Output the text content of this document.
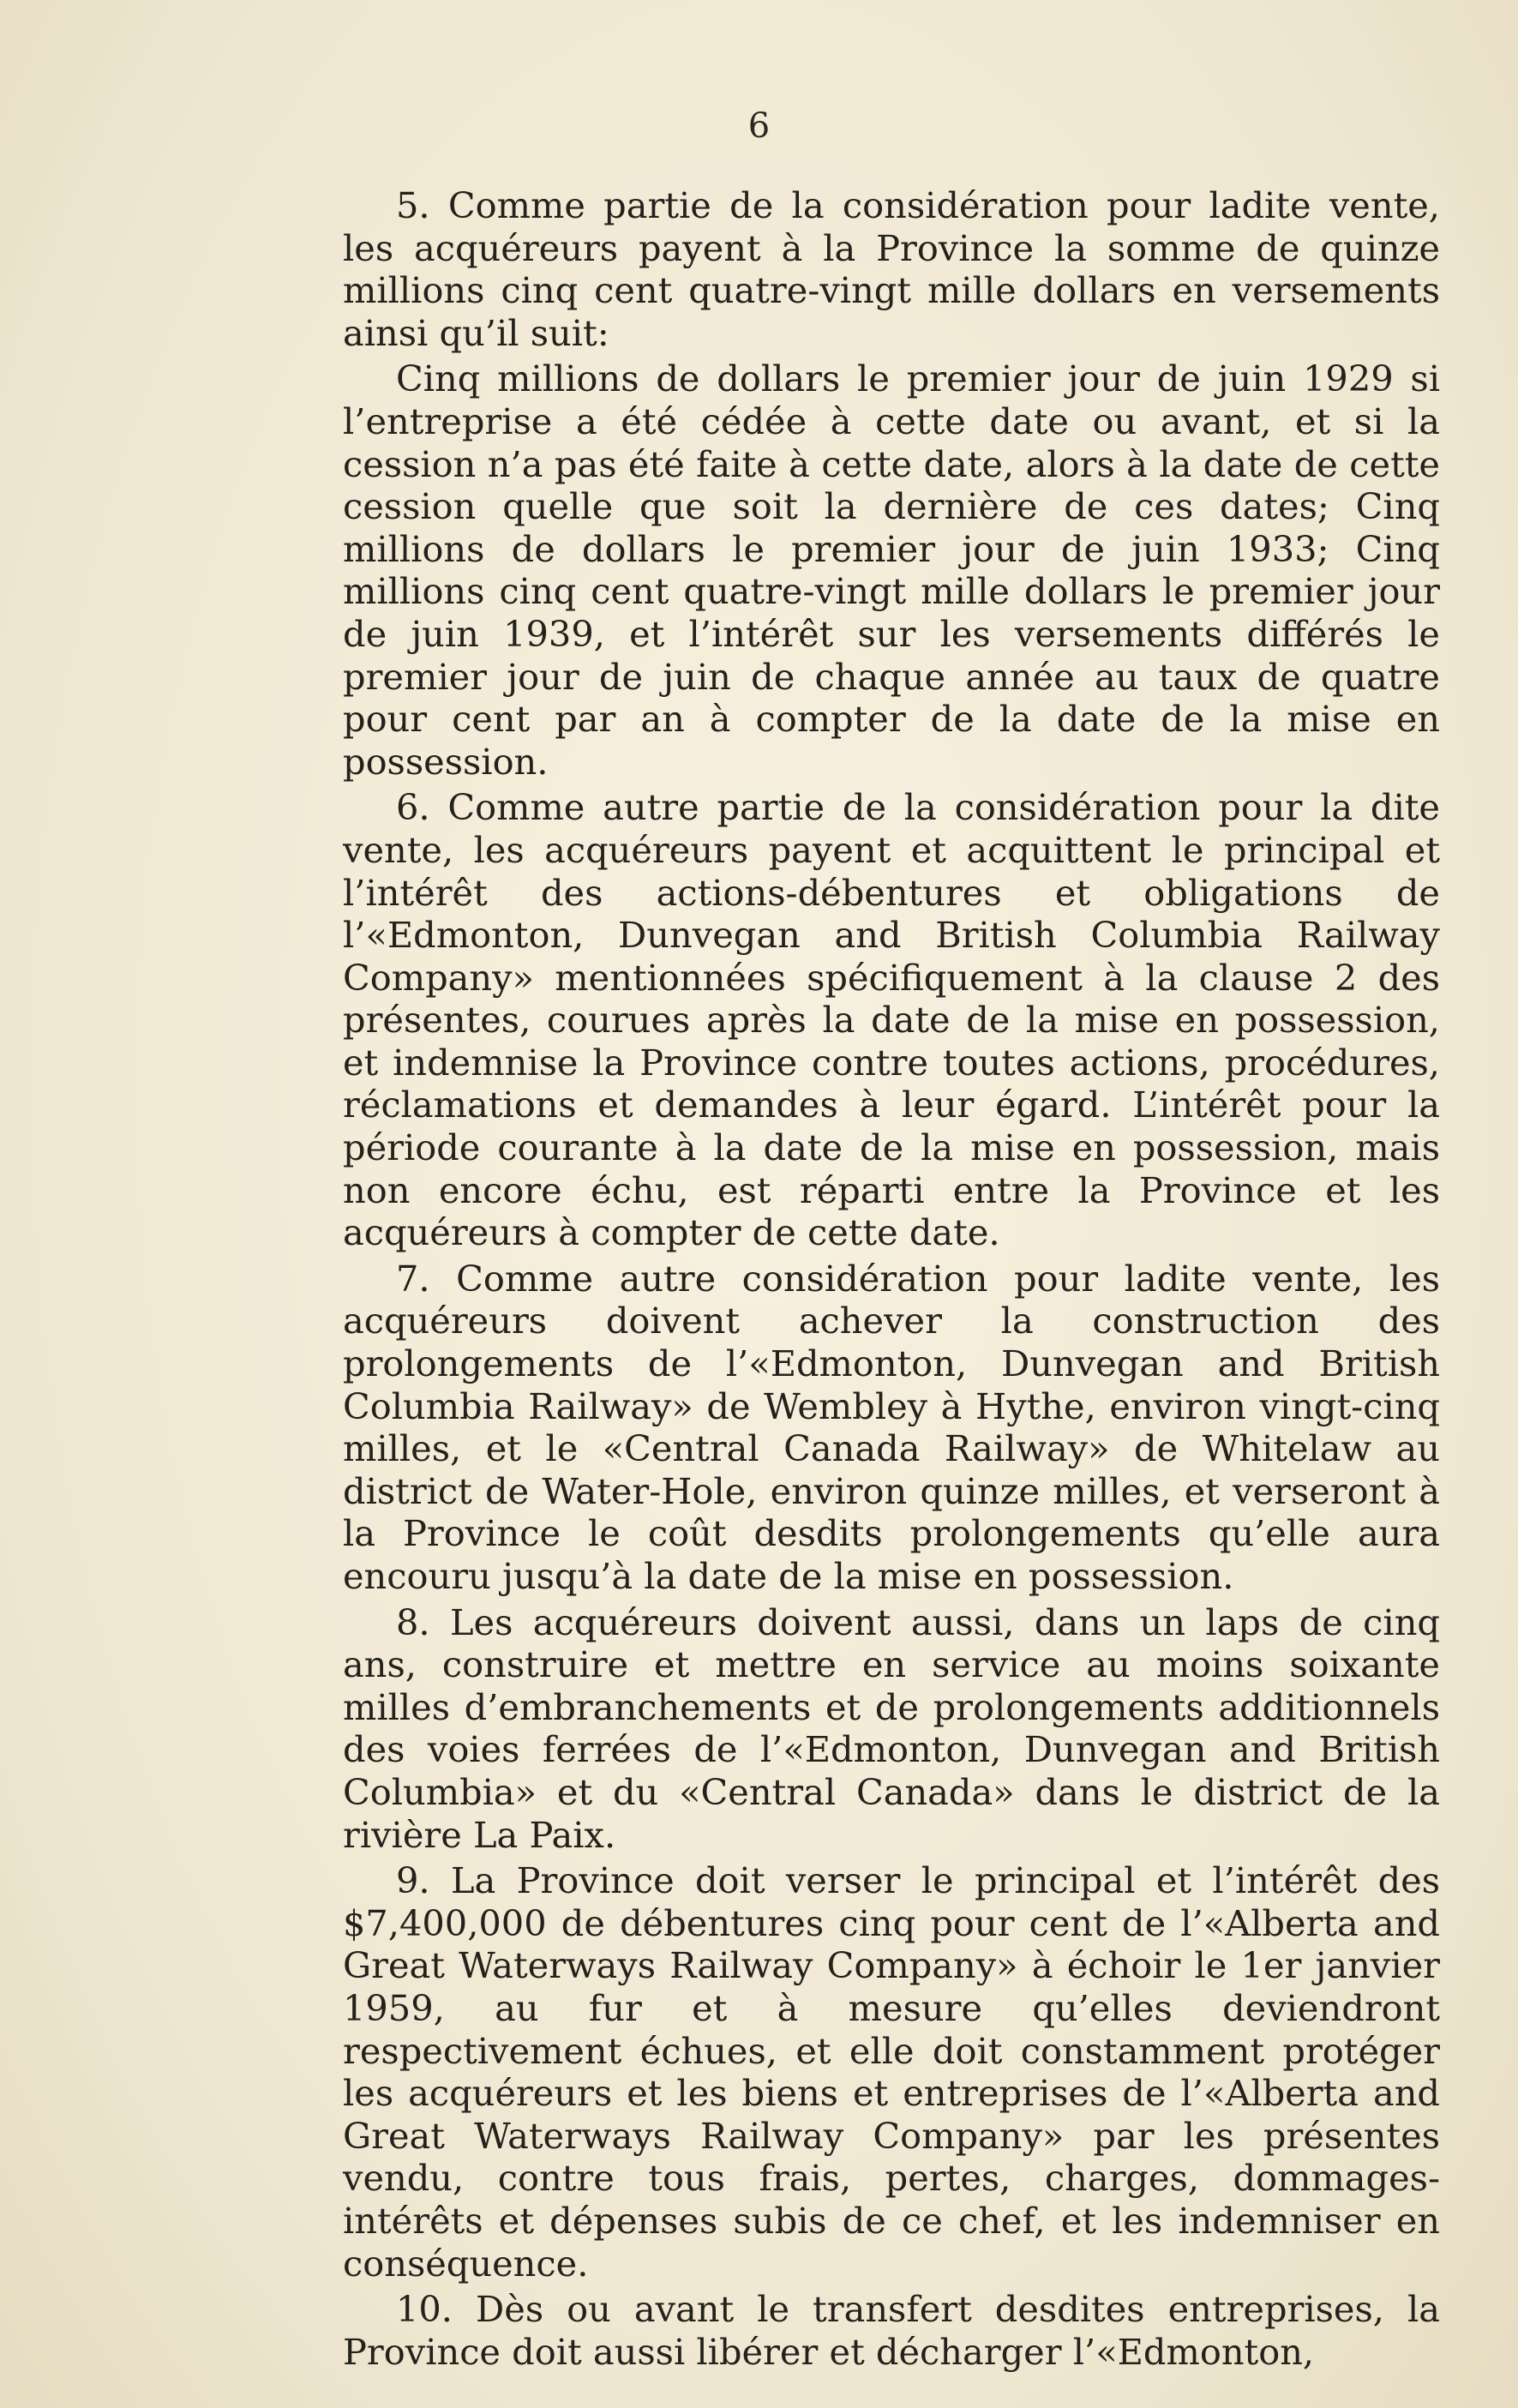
6

5. Comme partie de la considération pour ladite vente, les acquéreurs payent à la Province la somme de quinze millions cinq cent quatre-vingt mille dollars en versements ainsi qu’il suit:

Cinq millions de dollars le premier jour de juin 1929 si l’entreprise a été cédée à cette date ou avant, et si la cession n’a pas été faite à cette date, alors à la date de cette cession quelle que soit la dernière de ces dates; Cinq millions de dollars le premier jour de juin 1933; Cinq millions cinq cent quatre-vingt mille dollars le premier jour de juin 1939, et l’intérêt sur les versements différés le premier jour de juin de chaque année au taux de quatre pour cent par an à compter de la date de la mise en possession.

6. Comme autre partie de la considération pour la dite vente, les acquéreurs payent et acquittent le principal et l’intérêt des actions-débentures et obligations de l’«Edmonton, Dunvegan and British Columbia Railway Company» mentionnées spécifiquement à la clause 2 des présentes, courues après la date de la mise en possession, et indemnise la Province contre toutes actions, procédures, réclamations et demandes à leur égard. L’intérêt pour la période courante à la date de la mise en possession, mais non encore échu, est réparti entre la Province et les acquéreurs à compter de cette date.

7. Comme autre considération pour ladite vente, les acquéreurs doivent achever la construction des prolongements de l’«Edmonton, Dunvegan and British Columbia Railway» de Wembley à Hythe, environ vingt-cinq milles, et le «Central Canada Railway» de Whitelaw au district de Water-Hole, environ quinze milles, et verseront à la Province le coût desdits prolongements qu’elle aura encouru jusqu’à la date de la mise en possession.

8. Les acquéreurs doivent aussi, dans un laps de cinq ans, construire et mettre en service au moins soixante milles d’embranchements et de prolongements additionnels des voies ferrées de l’«Edmonton, Dunvegan and British Columbia» et du «Central Canada» dans le district de la rivière La Paix.

9. La Province doit verser le principal et l’intérêt des $7,400,000 de débentures cinq pour cent de l’«Alberta and Great Waterways Railway Company» à échoir le 1er janvier 1959, au fur et à mesure qu’elles deviendront respectivement échues, et elle doit constamment protéger les acquéreurs et les biens et entreprises de l’«Alberta and Great Waterways Railway Company» par les présentes vendu, contre tous frais, pertes, charges, dommages-intérêts et dépenses subis de ce chef, et les indemniser en conséquence.

10. Dès ou avant le transfert desdites entreprises, la Province doit aussi libérer et décharger l’«Edmonton,
